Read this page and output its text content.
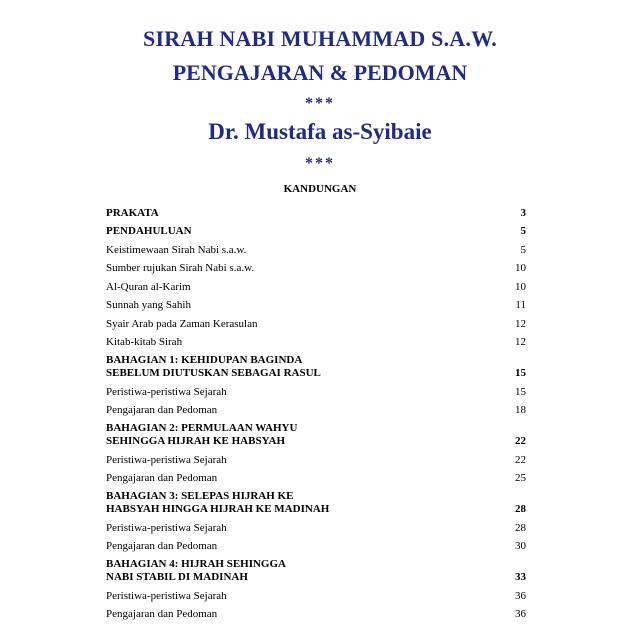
SIRAH NABI MUHAMMAD S.A.W.
PENGAJARAN & PEDOMAN
***
Dr. Mustafa as-Syibaie
***
KANDUNGAN
PRAKATA	3
PENDAHULUAN	5
Keistimewaan Sirah Nabi s.a.w.	5
Sumber rujukan Sirah Nabi s.a.w.	10
Al-Quran al-Karim	10
Sunnah yang Sahih	11
Syair Arab pada Zaman Kerasulan	12
Kitab-kitab Sirah	12
BAHAGIAN 1: KEHIDUPAN BAGINDA
SEBELUM DIUTUSKAN SEBAGAI RASUL	15
Peristiwa-peristiwa Sejarah	15
Pengajaran dan Pedoman	18
BAHAGIAN 2: PERMULAAN WAHYU
SEHINGGA HIJRAH KE HABSYAH	22
Peristiwa-peristiwa Sejarah	22
Pengajaran dan Pedoman	25
BAHAGIAN 3: SELEPAS HIJRAH KE
HABSYAH HINGGA HIJRAH KE MADINAH	28
Peristiwa-peristiwa Sejarah	28
Pengajaran dan Pedoman	30
BAHAGIAN 4: HIJRAH SEHINGGA
NABI STABIL DI MADINAH	33
Peristiwa-peristiwa Sejarah	36
Pengajaran dan Pedoman	36
